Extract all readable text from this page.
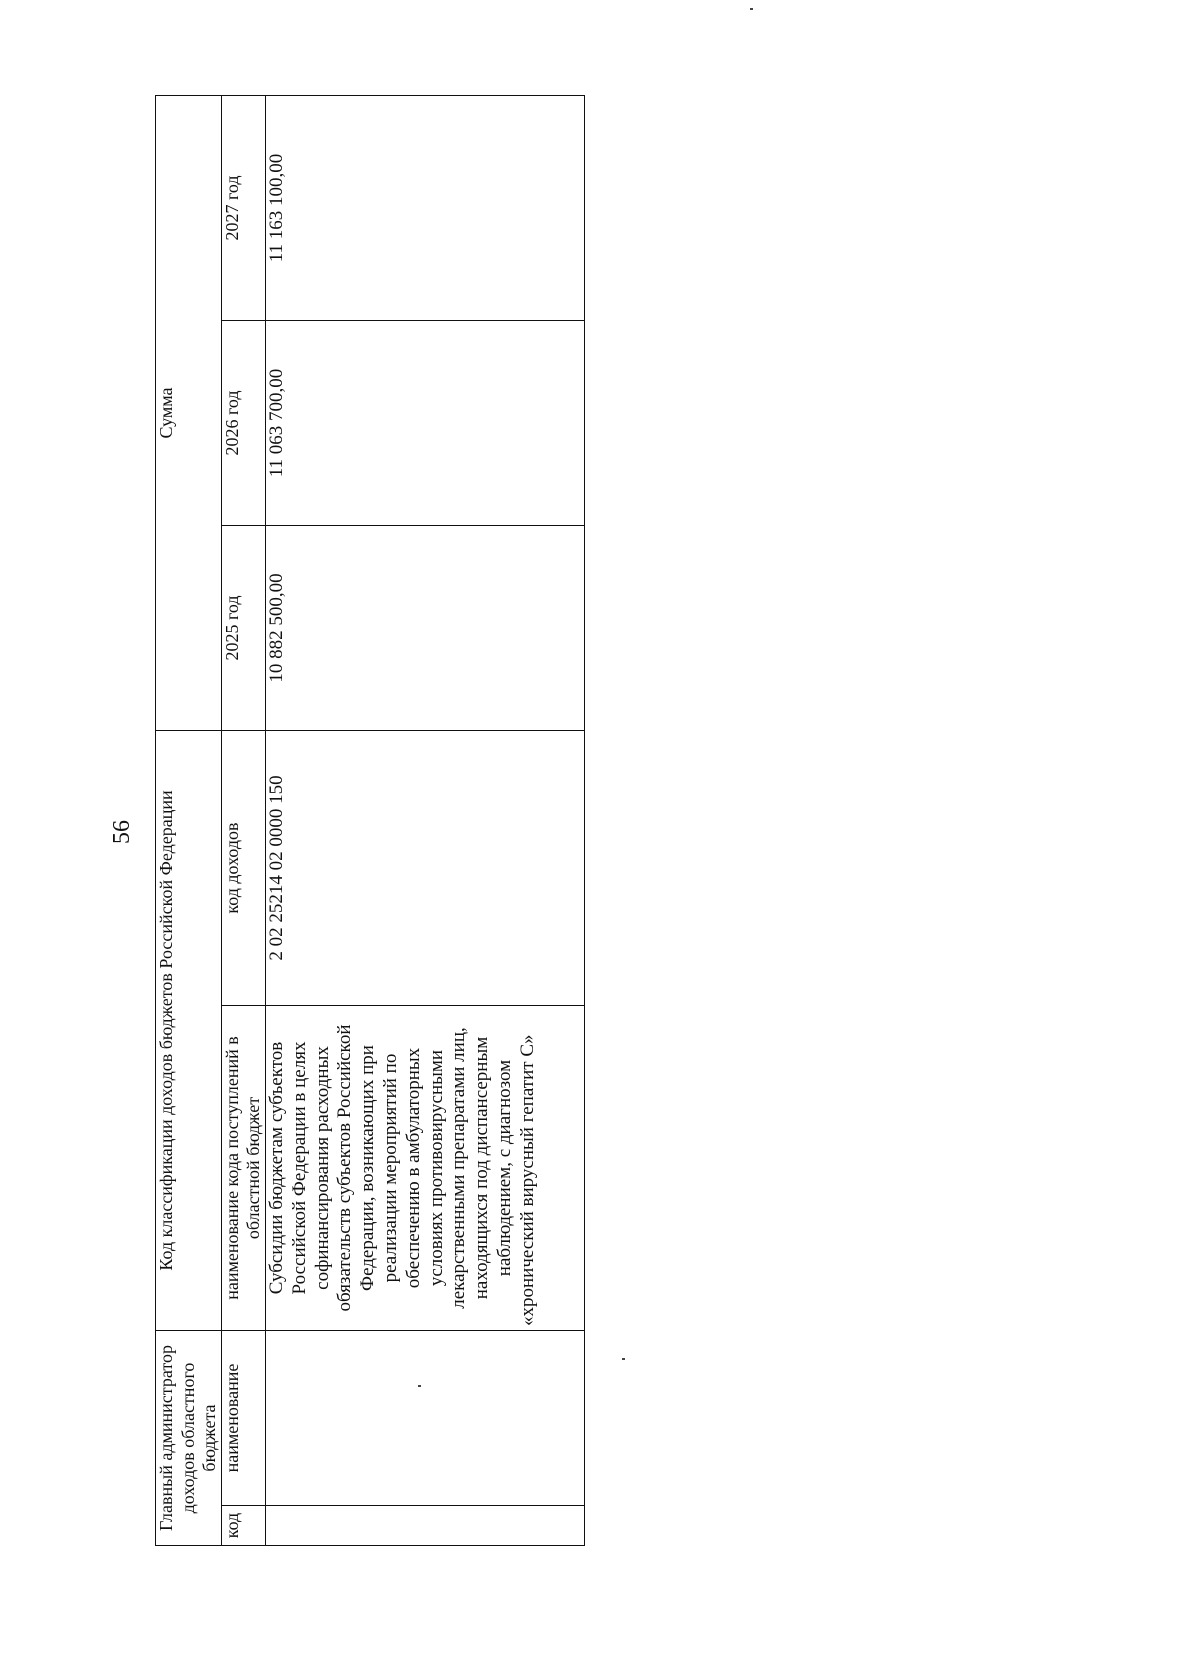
56
Главный администратор доходов областного бюджета		Код классификации доходов бюджетов Российской Федерации		Сумма		
код	наименование	наименование кода поступлений в областной бюджет	код доходов	2025 год	2026 год	2027 год
		Субсидии бюджетам субъектов Российской Федерации в целях софинансирования расходных обязательств субъектов Российской Федерации, возникающих при реализации мероприятий по обеспечению в амбулаторных условиях противовирусными лекарственными препаратами лиц, находящихся под диспансерным наблюдением, с диагнозом «хронический вирусный гепатит С»	2 02 25214 02 0000 150	10 882 500,00	11 063 700,00	11 163 100,00
